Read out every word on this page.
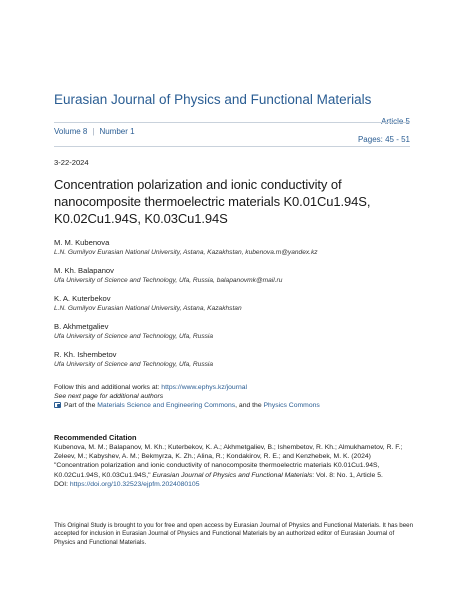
Eurasian Journal of Physics and Functional Materials
Volume 8 | Number 1
Pages: 45 - 51
3-22-2024
Concentration polarization and ionic conductivity of nanocomposite thermoelectric materials K0.01Cu1.94S, K0.02Cu1.94S, K0.03Cu1.94S
M. M. Kubenova
L.N. Gumilyov Eurasian National University, Astana, Kazakhstan, kubenova.m@yandex.kz
M. Kh. Balapanov
Ufa University of Science and Technology, Ufa, Russia, balapanovmk@mail.ru
K. A. Kuterbekov
L.N. Gumilyov Eurasian National University, Astana, Kazakhstan
B. Akhmetgaliev
Ufa University of Science and Technology, Ufa, Russia
R. Kh. Ishembetov
Ufa University of Science and Technology, Ufa, Russia
Follow this and additional works at: https://www.ephys.kz/journal
See next page for additional authors
Part of the Materials Science and Engineering Commons, and the Physics Commons
Recommended Citation
Kubenova, M. M.; Balapanov, M. Kh.; Kuterbekov, K. A.; Akhmetgaliev, B.; Ishembetov, R. Kh.; Almukhametov, R. F.; Zeleev, M.; Kabyshev, A. M.; Bekmyrza, K. Zh.; Alina, R.; Kondakirov, R. E.; and Kenzhebek, M. K. (2024) "Concentration polarization and ionic conductivity of nanocomposite thermoelectric materials K0.01Cu1.94S, K0.02Cu1.94S, K0.03Cu1.94S," Eurasian Journal of Physics and Functional Materials: Vol. 8: No. 1, Article 5.
DOI: https://doi.org/10.32523/ejpfm.2024080105
This Original Study is brought to you for free and open access by Eurasian Journal of Physics and Functional Materials. It has been accepted for inclusion in Eurasian Journal of Physics and Functional Materials by an authorized editor of Eurasian Journal of Physics and Functional Materials.
